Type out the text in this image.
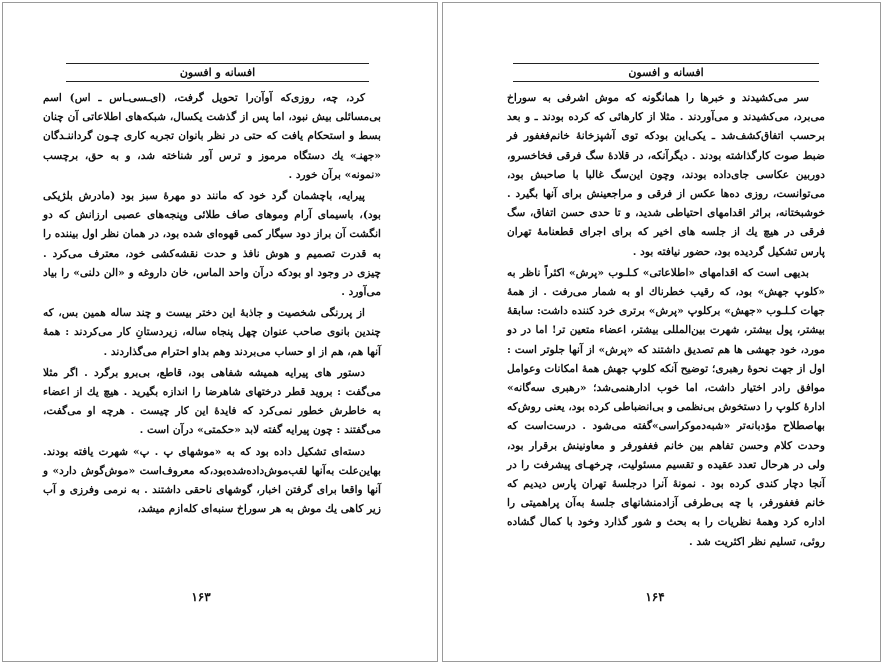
افسانه و افسون

کرد، چه، روزی‌که آوآن‌را تحویل گرفت، (ای‌ـسی‌ـاس ـ اس) اسم بی‌مسائلی بیش نبود، اما پس از گذشت یکسال، شبکه‌های اطلاعاتی آن چنان بسط و استحکام یافت که حتی در نظر بانوان تجربه کاری چـون گرداننـدگان «جهنـ» یك دستگاه مرموز و ترس آور شناخته شد، و به حق، برچسب «نمونه» برآن خورد .

پیرایه، باچشمان گرد خود که مانند دو مهرهٔ سبز بود (مادرش بلژیکی بود)، باسیمای آرام وموهای صاف طلائی وپنجه‌های عصبی ارزانش که دو انگشت آن براز دود سیگار کمی قهوه‌ای شده بود، در همان نظر اول بیننده را به قدرت تصمیم و هوش نافذ و حدت نقشه‌کشی خود، معترف می‌کرد . چیزی در وجود او بودکه درآن واحد الماس، خان داروغه و «الن دلنی» را بیاد می‌آورد .

از پررنگی شخصیت و جاذبهٔ این دختر بیست و چند ساله همین بس، که چندین بانوی صاحب عنوان چهل پنجاه ساله، زیردستانِ کار می‌کردند : همهٔ آنها هم، هم از او حساب می‌بردند وهم بداو احترام می‌گذاردند .

دستور های پیرایه همیشه شفاهی بود، قاطع، بی‌برو برگرد . اگر مثلا می‌گفت : بروید قطر درختهای شاهرضا را اندازه بگیرید . هیچ یك از اعضاء به خاطرش خطور نمی‌کرد که فایدهٔ این کار چیست . هرچه او می‌گفت، می‌گفتند : چون پیرایه گفته لابد «حکمتی» درآن است .

دسته‌ای تشکیل داده بود که به «موشهای پ . پ» شهرت یافته بودند. بهاین‌علت به‌آنها لقب‌موش‌داده‌شده‌بود،که معروف‌است «موش‌گوش دارد» و آنها واقعا برای گرفتن اخبار، گوشهای ناحقی داشتند . به نرمی وفرزی و آب زیر کاهی یك موش به هر سوراخ سنبه‌ای کله‌ازم میشد،

۱۶۳
افسانه و افسون

سر می‌کشیدند و خبرها را همانگونه که موش اشرفی به سوراخ می‌برد، می‌کشیدند و می‌آوردند . مثلا از کارهائی که کرده بودند ـ و بعد برحسب اتفاق‌کشف‌شد ـ یکی‌این بودکه توی آشپزخانهٔ خانم‌فغفور فر ضبط صوت کارگذاشته بودند . دیگرآنکه، در قلادهٔ سگ فرقی فخاخسرو، دوربین عکاسی جای‌داده بودند، وچون این‌سگ غالبا با صاحبش بود، می‌توانست، روزی ده‌ها عکس از فرقی و مراجعینش برای آنها بگیرد . خوشبختانه، براثر اقدامهای احتیاطی شدید، و تا حدی حسن اتفاق، سگ فرقی در هیچ یك از جلسه های اخیر که برای اجرای قطعنامهٔ تهران پارس تشکیل گردیده بود، حضور نیافته بود .

بدیهی است که اقدامهای «اطلاعاتی» کـلـوب «پرش» اکثراً ناظر به «کلوپ جهش» بود، که رقیب خطرناك او به شمار می‌رفت . از همهٔ جهات کـلـوب «جهش» برکلوپ «پرش» برتری خرد کننده داشت: سابقهٔ بیشتر، پول بیشتر، شهرت بین‌المللی بیشتر، اعضاء متعین تر! اما در دو مورد، خود جهشی ها هم تصدیق داشتند که «پرش» از آنها جلوتر است : اول از جهت نحوهٔ رهبری؛ توضیح آنکه کلوپ جهش همهٔ امکانات وعوامل موافق رادر اختیار داشت، اما خوب ادارهنمی‌شد؛ «رهبری سه‌گانه» ادارهٔ کلوپ را دستخوش بی‌نظمی و بی‌انضباطی کرده بود، یعنی روش‌که بهاصطلاح مؤدبانه‌تر «شبه‌دموکراسی»گفته می‌شود . درست‌است که وحدت کلام وحسن تفاهم بین خانم فغفورفر و معاونینش برقرار بود، ولی در هرحال تعدد عقیده و تقسیم مسئولیت، چرخهـای پیشرفت را در آنجا دچار کندی کرده بود . نمونهٔ آنرا درجلسهٔ تهران پارس دیدیم که خانم فغفورفر، با چه بی‌طرفی آزادمنشانهای جلسهٔ به‌آن پراهمیتی را اداره کرد وهمهٔ نظریات را به بحث و شور گذارد وخود با کمال گشاده روئی، تسلیم نظر اکثریت شد .

۱۶۴
